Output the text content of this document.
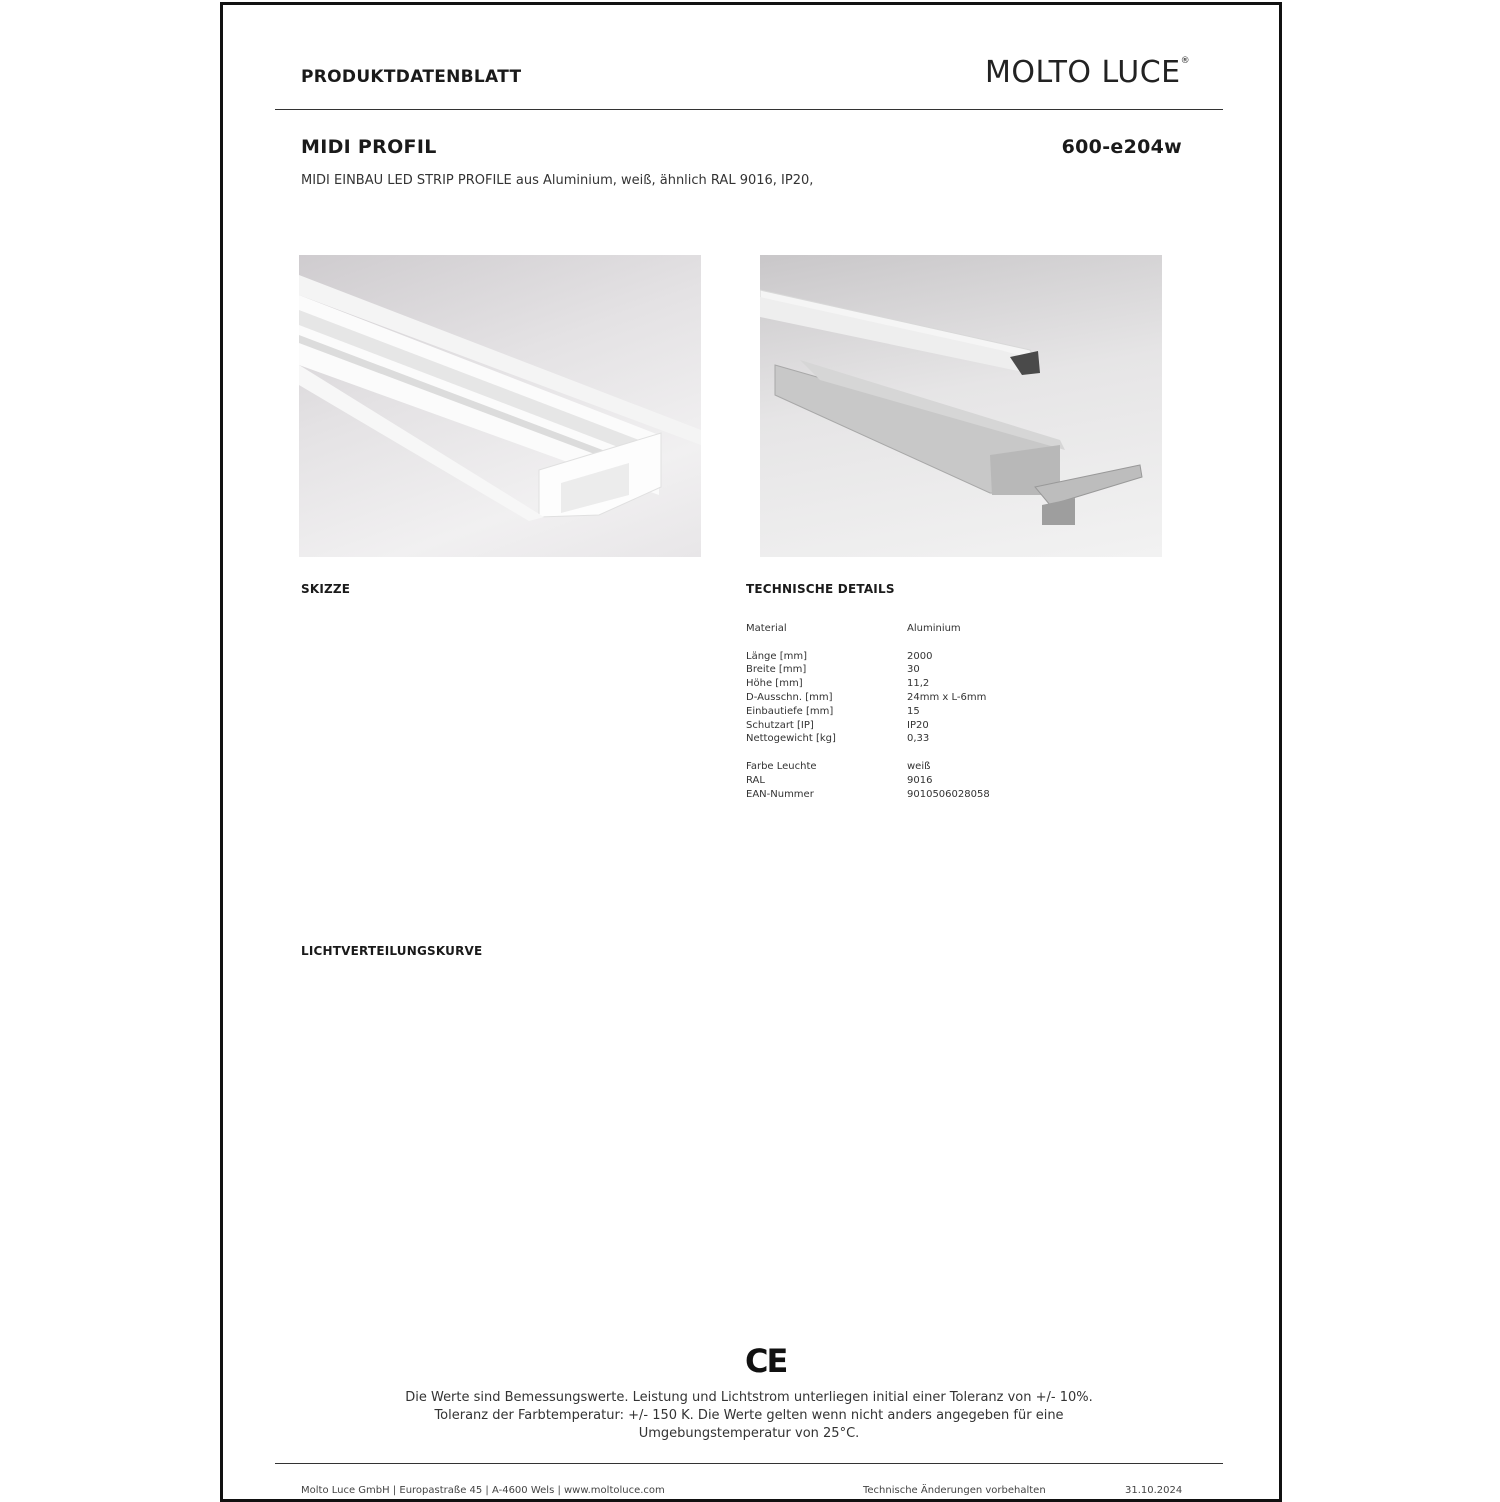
PRODUKTDATENBLATT	MOLTO LUCE®
MIDI PROFIL	600-e204w
MIDI EINBAU LED STRIP PROFILE aus Aluminium, weiß, ähnlich RAL 9016, IP20,
SKIZZE	TECHNISCHE DETAILS
Material	Aluminium
Länge [mm]	2000
Breite [mm]	30
Höhe [mm]	11,2
D-Ausschn. [mm]	24mm x L-6mm
Einbautiefe [mm]	15
Schutzart [IP]	IP20
Nettogewicht [kg]	0,33
Farbe Leuchte	weiß
RAL	9016
EAN-Nummer	9010506028058
LICHTVERTEILUNGSKURVE
CE
Die Werte sind Bemessungswerte. Leistung und Lichtstrom unterliegen initial einer Toleranz von +/- 10%.
Toleranz der Farbtemperatur: +/- 150 K. Die Werte gelten wenn nicht anders angegeben für eine
Umgebungstemperatur von 25°C.
Molto Luce GmbH | Europastraße 45 | A-4600 Wels | www.moltoluce.com	Technische Änderungen vorbehalten	31.10.2024
